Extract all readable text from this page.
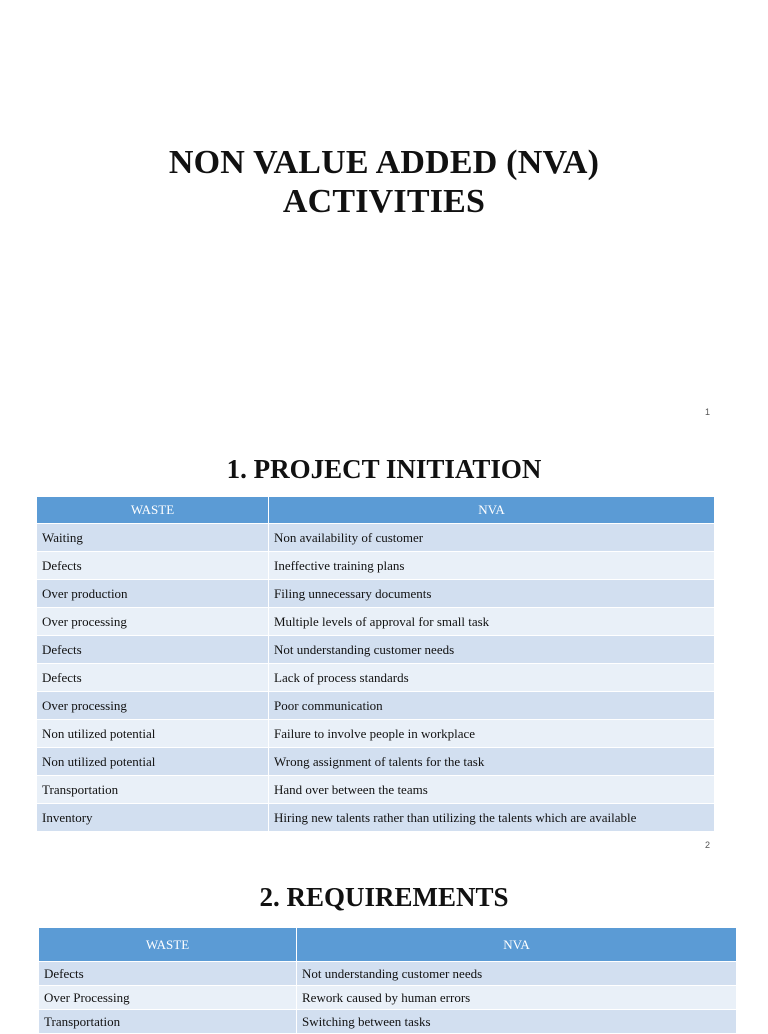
NON VALUE ADDED (NVA)
ACTIVITIES
1
1. PROJECT INITIATION
WASTE	NVA
Waiting	Non availability of customer
Defects	Ineffective training plans
Over production	Filing unnecessary documents
Over processing	Multiple levels of approval for small task
Defects	Not understanding customer needs
Defects	Lack of process standards
Over processing	Poor communication
Non utilized potential	Failure to involve people in workplace
Non utilized potential	Wrong assignment of talents for the task
Transportation	Hand over between the teams
Inventory	Hiring new talents rather than utilizing the talents which are available
2
2. REQUIREMENTS
WASTE	NVA
Defects	Not understanding customer needs
Over Processing	Rework caused by human errors
Transportation	Switching between tasks
